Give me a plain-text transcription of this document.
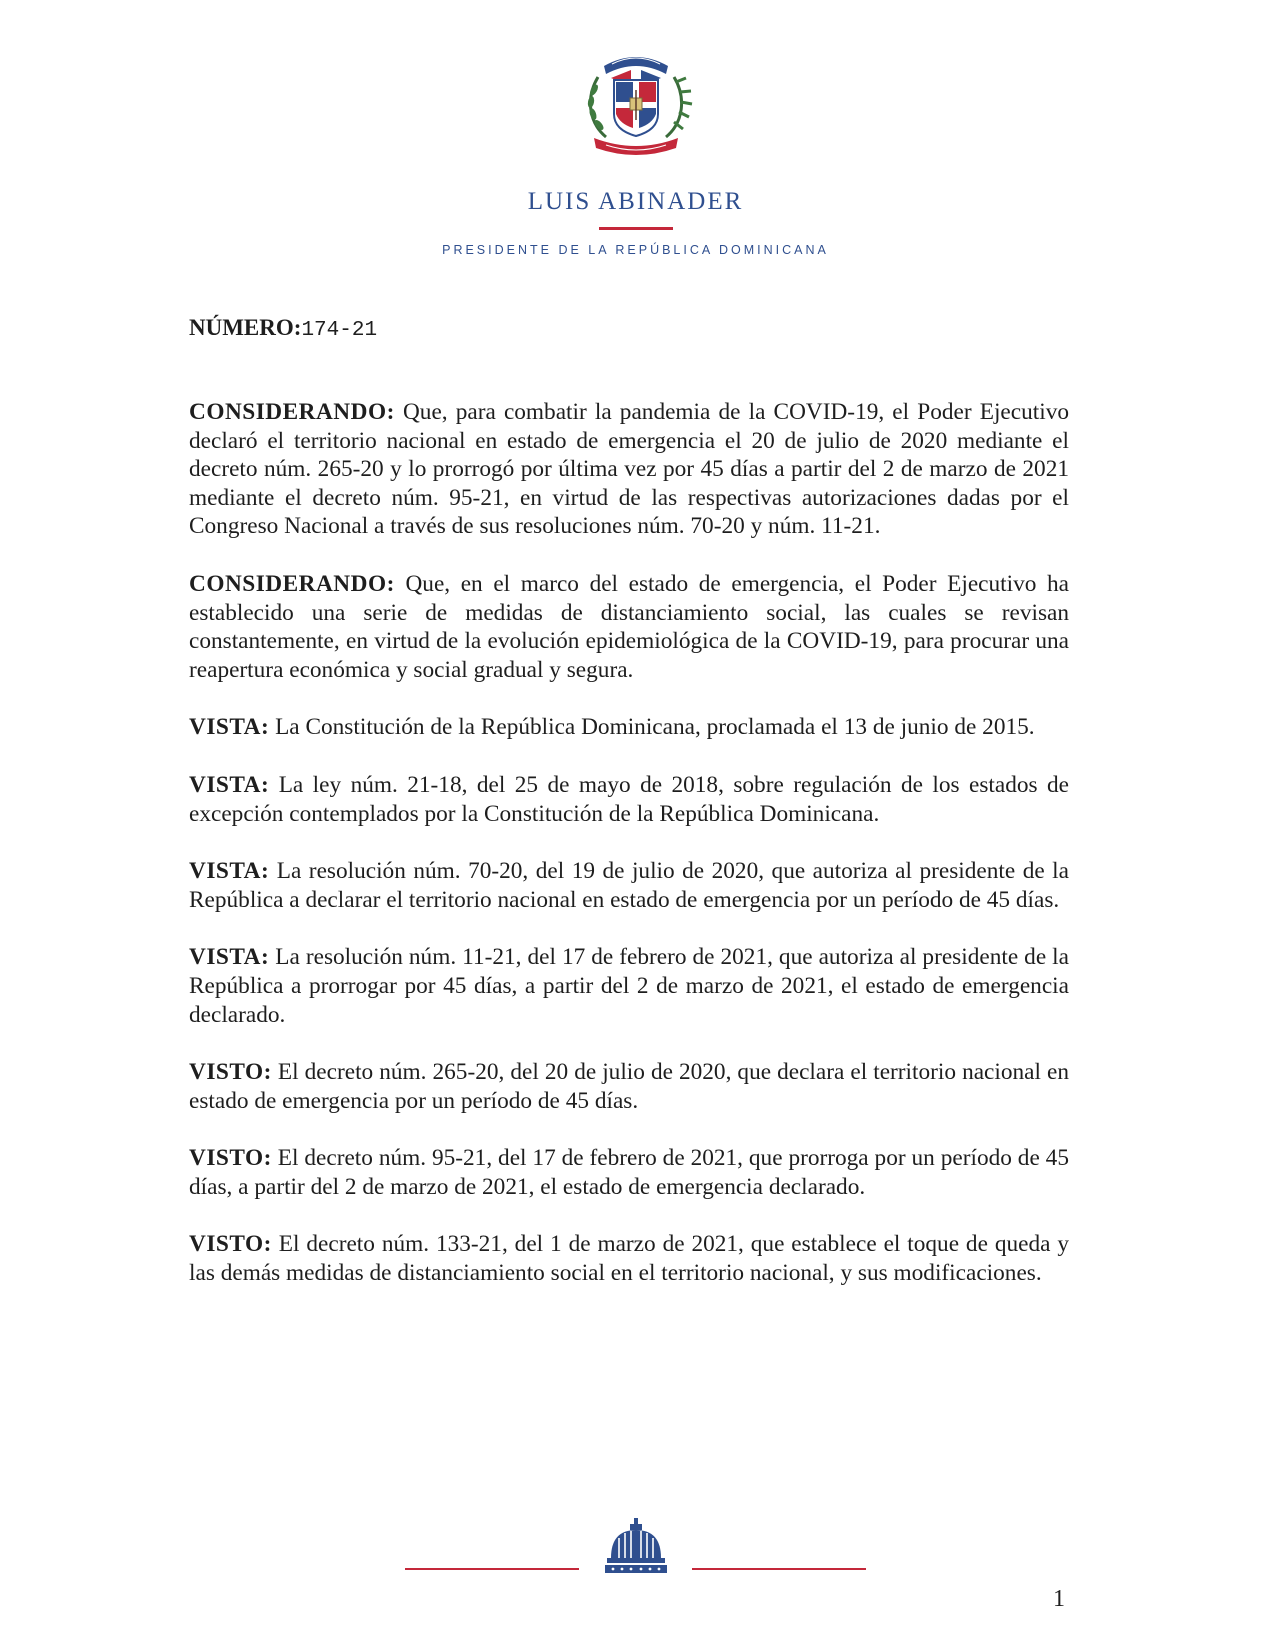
LUIS ABINADER
PRESIDENTE DE LA REPÚBLICA DOMINICANA
NÚMERO:174-21

CONSIDERANDO: Que, para combatir la pandemia de la COVID-19, el Poder Ejecutivo declaró el territorio nacional en estado de emergencia el 20 de julio de 2020 mediante el decreto núm. 265-20 y lo prorrogó por última vez por 45 días a partir del 2 de marzo de 2021 mediante el decreto núm. 95-21, en virtud de las respectivas autorizaciones dadas por el Congreso Nacional a través de sus resoluciones núm. 70-20 y núm. 11-21.

CONSIDERANDO: Que, en el marco del estado de emergencia, el Poder Ejecutivo ha establecido una serie de medidas de distanciamiento social, las cuales se revisan constantemente, en virtud de la evolución epidemiológica de la COVID-19, para procurar una reapertura económica y social gradual y segura.

VISTA: La Constitución de la República Dominicana, proclamada el 13 de junio de 2015.

VISTA: La ley núm. 21-18, del 25 de mayo de 2018, sobre regulación de los estados de excepción contemplados por la Constitución de la República Dominicana.

VISTA: La resolución núm. 70-20, del 19 de julio de 2020, que autoriza al presidente de la República a declarar el territorio nacional en estado de emergencia por un período de 45 días.

VISTA: La resolución núm. 11-21, del 17 de febrero de 2021, que autoriza al presidente de la República a prorrogar por 45 días, a partir del 2 de marzo de 2021, el estado de emergencia declarado.

VISTO: El decreto núm. 265-20, del 20 de julio de 2020, que declara el territorio nacional en estado de emergencia por un período de 45 días.

VISTO: El decreto núm. 95-21, del 17 de febrero de 2021, que prorroga por un período de 45 días, a partir del 2 de marzo de 2021, el estado de emergencia declarado.

VISTO: El decreto núm. 133-21, del 1 de marzo de 2021, que establece el toque de queda y las demás medidas de distanciamiento social en el territorio nacional, y sus modificaciones.

1
